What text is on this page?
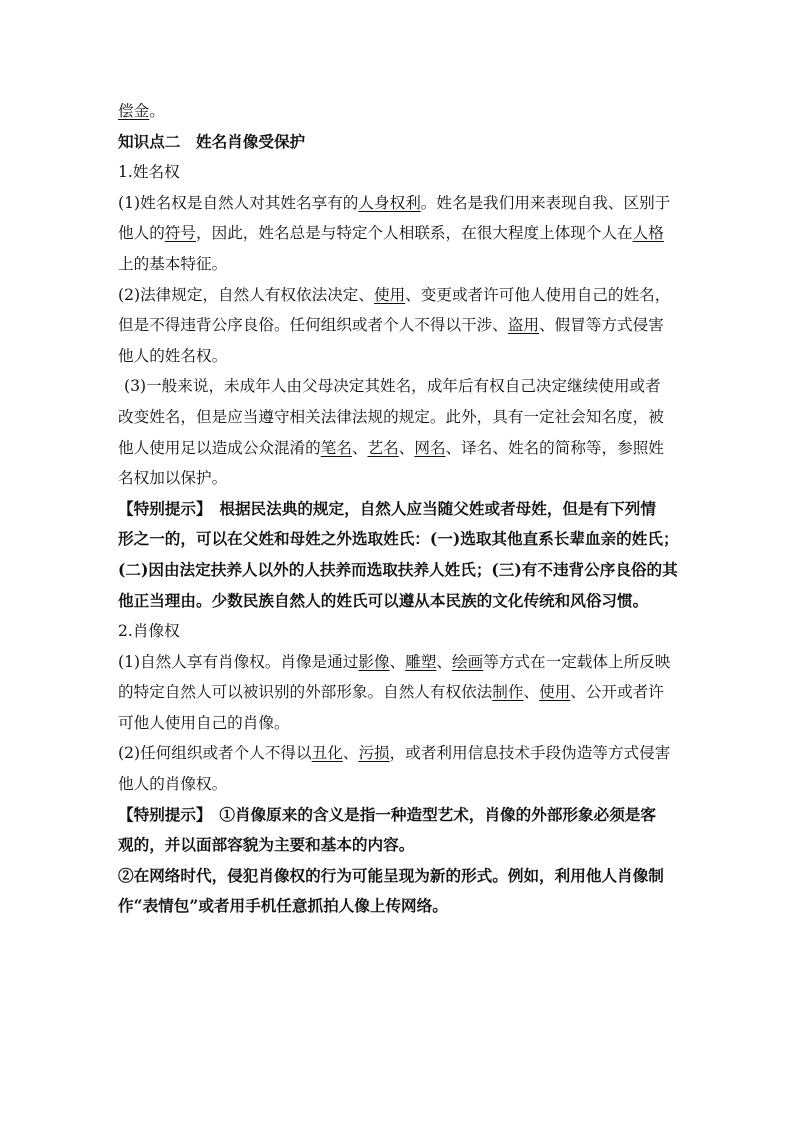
偿金。
知识点二　姓名肖像受保护
1.姓名权
(1)姓名权是自然人对其姓名享有的人身权利。姓名是我们用来表现自我、区别于
他人的符号，因此，姓名总是与特定个人相联系，在很大程度上体现个人在人格
上的基本特征。
(2)法律规定，自然人有权依法决定、使用、变更或者许可他人使用自己的姓名，
但是不得违背公序良俗。任何组织或者个人不得以干涉、盗用、假冒等方式侵害
他人的姓名权。
(3)一般来说，未成年人由父母决定其姓名，成年后有权自己决定继续使用或者
改变姓名，但是应当遵守相关法律法规的规定。此外，具有一定社会知名度，被
他人使用足以造成公众混淆的笔名、艺名、网名、译名、姓名的简称等，参照姓
名权加以保护。
【特别提示】　根据民法典的规定，自然人应当随父姓或者母姓，但是有下列情
形之一的，可以在父姓和母姓之外选取姓氏：(一)选取其他直系长辈血亲的姓氏；
(二)因由法定扶养人以外的人扶养而选取扶养人姓氏；(三)有不违背公序良俗的其
他正当理由。少数民族自然人的姓氏可以遵从本民族的文化传统和风俗习惯。
2.肖像权
(1)自然人享有肖像权。肖像是通过影像、雕塑、绘画等方式在一定载体上所反映
的特定自然人可以被识别的外部形象。自然人有权依法制作、使用、公开或者许
可他人使用自己的肖像。
(2)任何组织或者个人不得以丑化、污损，或者利用信息技术手段伪造等方式侵害
他人的肖像权。
【特别提示】　①肖像原来的含义是指一种造型艺术，肖像的外部形象必须是客
观的，并以面部容貌为主要和基本的内容。
②在网络时代，侵犯肖像权的行为可能呈现为新的形式。例如，利用他人肖像制
作“表情包”或者用手机任意抓拍人像上传网络。
